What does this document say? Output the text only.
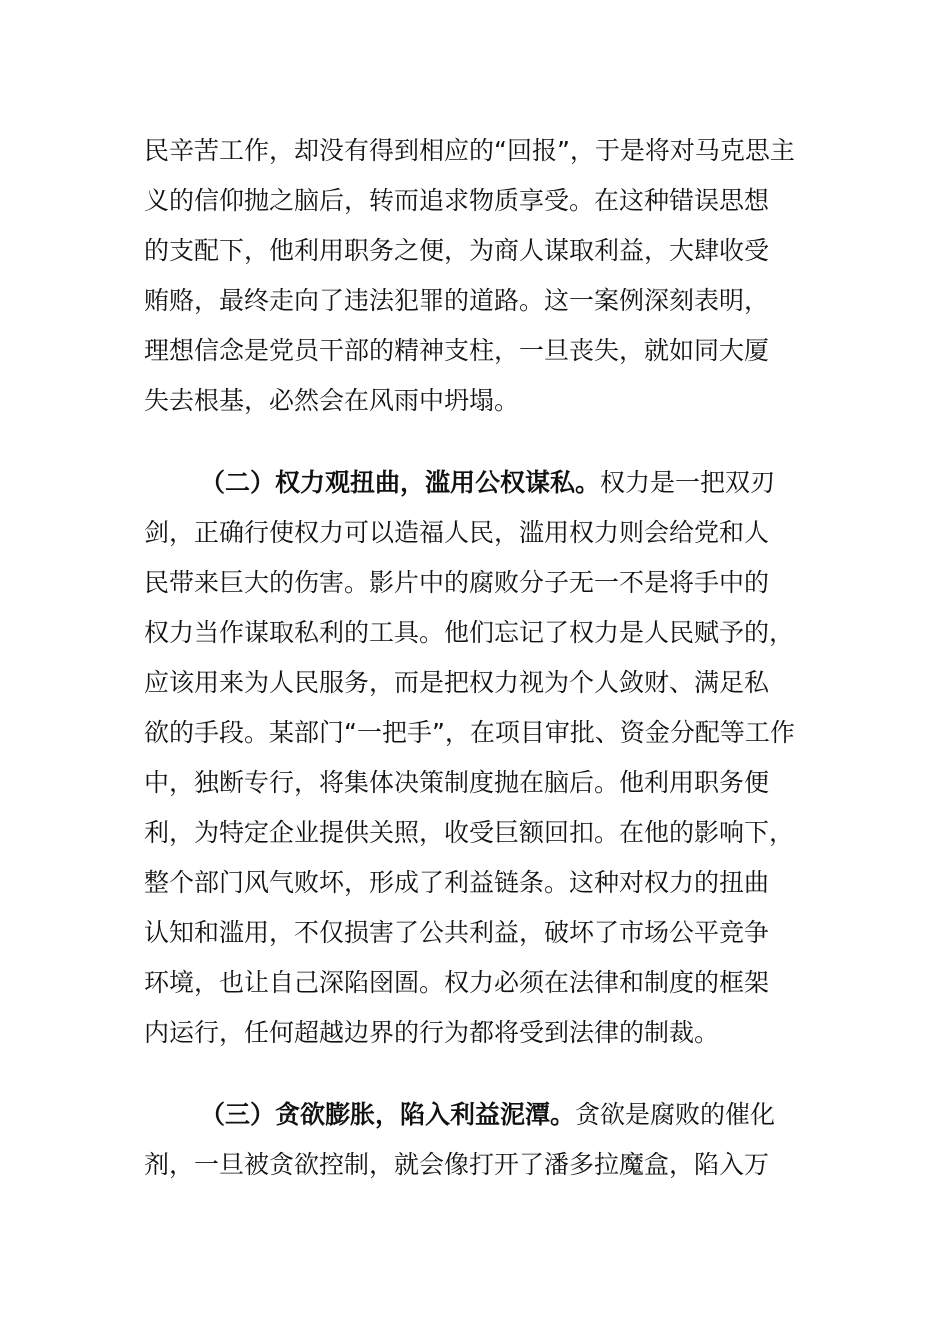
民辛苦工作，却没有得到相应的“回报”，于是将对马克思主
义的信仰抛之脑后，转而追求物质享受。在这种错误思想
的支配下，他利用职务之便，为商人谋取利益，大肆收受
贿赂，最终走向了违法犯罪的道路。这一案例深刻表明，
理想信念是党员干部的精神支柱，一旦丧失，就如同大厦
失去根基，必然会在风雨中坍塌。

（二）权力观扭曲，滥用公权谋私。权力是一把双刃
剑，正确行使权力可以造福人民，滥用权力则会给党和人
民带来巨大的伤害。影片中的腐败分子无一不是将手中的
权力当作谋取私利的工具。他们忘记了权力是人民赋予的，
应该用来为人民服务，而是把权力视为个人敛财、满足私
欲的手段。某部门“一把手”，在项目审批、资金分配等工作
中，独断专行，将集体决策制度抛在脑后。他利用职务便
利，为特定企业提供关照，收受巨额回扣。在他的影响下，
整个部门风气败坏，形成了利益链条。这种对权力的扭曲
认知和滥用，不仅损害了公共利益，破坏了市场公平竞争
环境，也让自己深陷囹圄。权力必须在法律和制度的框架
内运行，任何超越边界的行为都将受到法律的制裁。

（三）贪欲膨胀，陷入利益泥潭。贪欲是腐败的催化
剂，一旦被贪欲控制，就会像打开了潘多拉魔盒，陷入万
